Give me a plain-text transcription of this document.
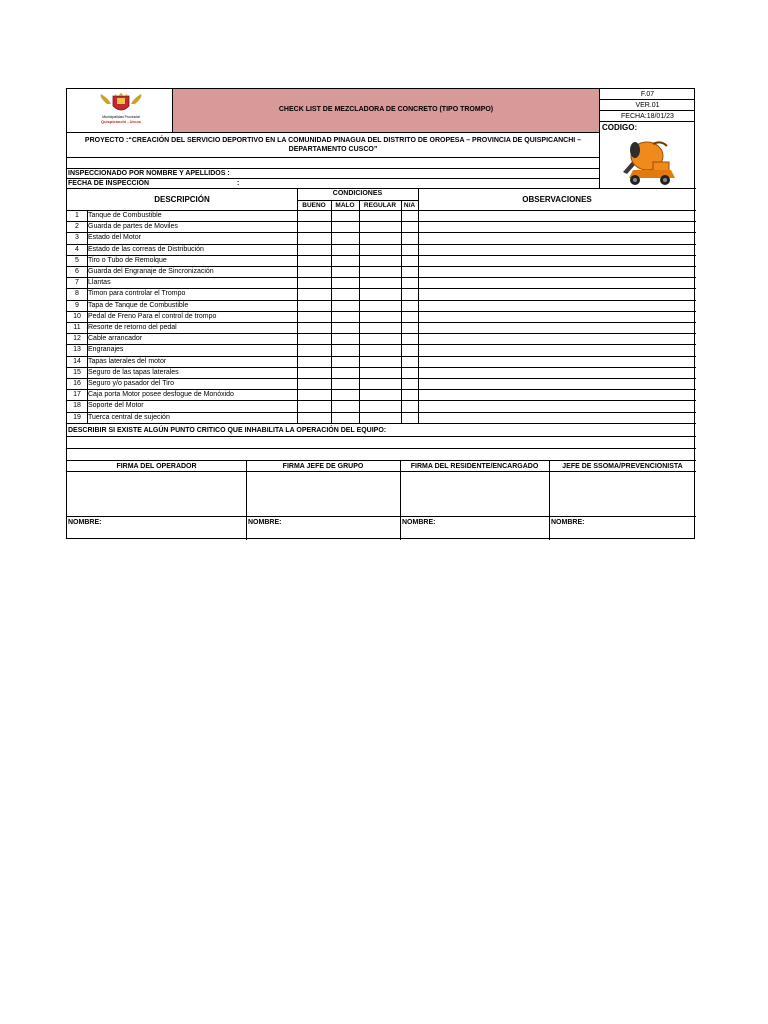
Municipalidad Provincial
Quispicanchi - Urcos
CHECK LIST DE MEZCLADORA DE CONCRETO (TIPO TROMPO)
F.07
VER.01
FECHA:18/01/23
CODIGO:
PROYECTO :“CREACIÓN DEL SERVICIO DEPORTIVO EN LA COMUNIDAD PINAGUA DEL DISTRITO DE OROPESA – PROVINCIA DE QUISPICANCHI –
DEPARTAMENTO CUSCO”
INSPECCIONADO POR NOMBRE Y APELLIDOS :
FECHA DE INSPECCIÓN	:
DESCRIPCIÓN
CONDICIONES
BUENO	MALO	REGULAR	N/A
OBSERVACIONES
1	Tanque de Combustible
2	Guarda de partes de Moviles
3	Estado del Motor
4	Estado de las correas de Distribución
5	Tiro o Tubo de Remolque
6	Guarda del Engranaje de Sincronización
7	Llantas
8	Timon para controlar el Trompo
9	Tapa de Tanque de Combustible
10	Pedal de Freno Para el control de trompo
11	Resorte de retorno del pedal
12	Cable arrancador
13	Engranajes
14	Tapas laterales del motor
15	Seguro de las tapas laterales
16	Seguro y/o pasador del Tiro
17	Caja porta Motor posee desfogue de Monóxido
18	Soporte del Motor
19	Tuerca central de sujeción
DESCRIBIR SI EXISTE ALGÚN PUNTO CRITICO QUE INHABILITA LA OPERACIÓN DEL EQUIPO:
FIRMA DEL OPERADOR	FIRMA JEFE DE GRUPO	FIRMA DEL RESIDENTE/ENCARGADO	JEFE DE SSOMA/PREVENCIONISTA
NOMBRE:	NOMBRE:	NOMBRE:	NOMBRE:
